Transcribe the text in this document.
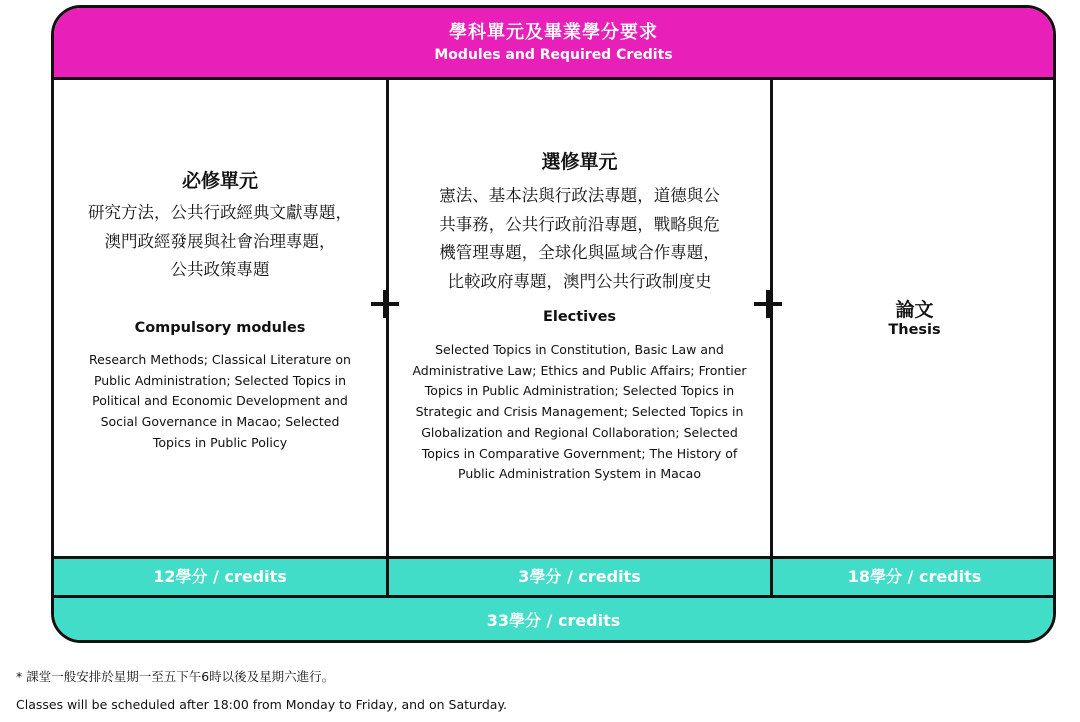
學科單元及畢業學分要求
Modules and Required Credits
必修單元
研究方法，公共行政經典文獻專題，
澳門政經發展與社會治理專題，
公共政策專題
Compulsory modules
Research Methods; Classical Literature on
Public Administration; Selected Topics in
Political and Economic Development and
Social Governance in Macao; Selected
Topics in Public Policy
選修單元
憲法、基本法與行政法專題，道德與公
共事務，公共行政前沿專題，戰略與危
機管理專題，全球化與區域合作專題，
比較政府專題，澳門公共行政制度史
Electives
Selected Topics in Constitution, Basic Law and
Administrative Law; Ethics and Public Affairs; Frontier
Topics in Public Administration; Selected Topics in
Strategic and Crisis Management; Selected Topics in
Globalization and Regional Collaboration; Selected
Topics in Comparative Government; The History of
Public Administration System in Macao
論文
Thesis
12學分 / credits	3學分 / credits	18學分 / credits
33學分 / credits
* 課堂一般安排於星期一至五下午6時以後及星期六進行。
Classes will be scheduled after 18:00 from Monday to Friday, and on Saturday.
